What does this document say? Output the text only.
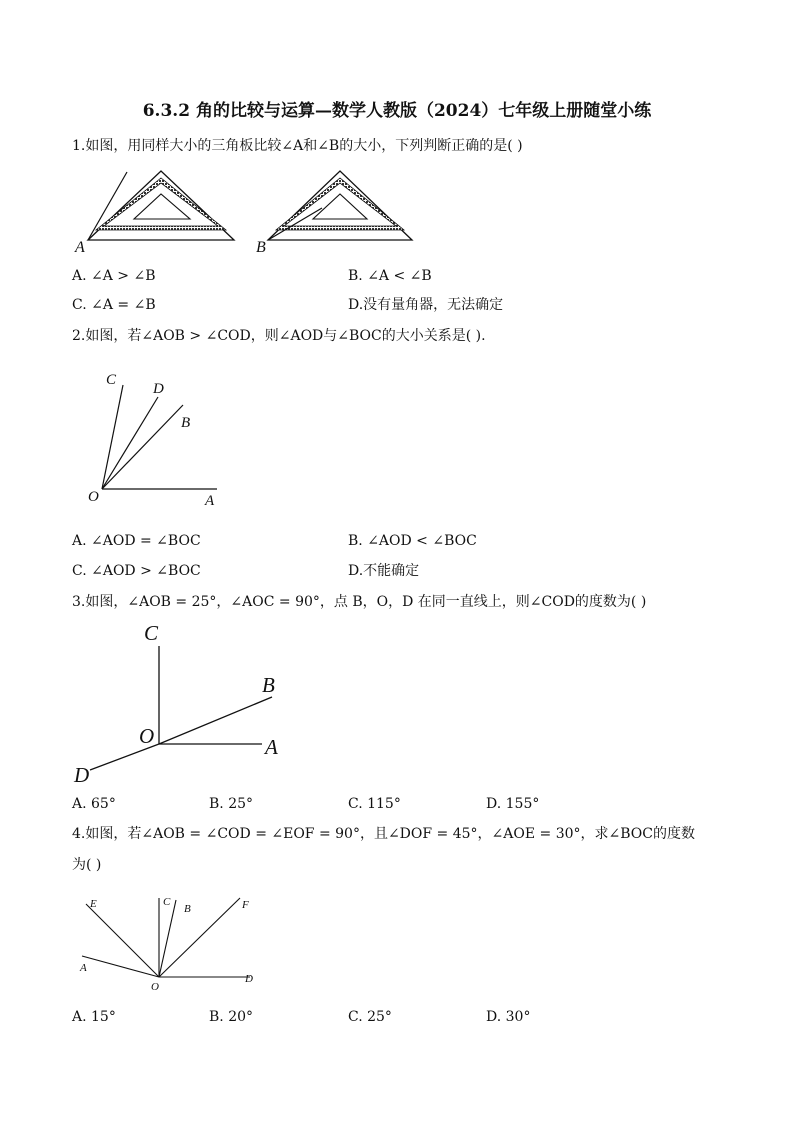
6.3.2 角的比较与运算—数学人教版（2024）七年级上册随堂小练
1.如图，用同样大小的三角板比较∠A和∠B的大小，下列判断正确的是( )
A	B
A. ∠A > ∠B	B. ∠A < ∠B
C. ∠A = ∠B	D.没有量角器，无法确定
2.如图，若∠AOB > ∠COD，则∠AOD与∠BOC的大小关系是( ).
C
D
B
O	A
A. ∠AOD = ∠BOC	B. ∠AOD < ∠BOC
C. ∠AOD > ∠BOC	D.不能确定
3.如图，∠AOB = 25°，∠AOC = 90°，点 B，O，D 在同一直线上，则∠COD的度数为( )
C
B
O	A
D
A. 65°	B. 25°	C. 115°	D. 155°
4.如图，若∠AOB = ∠COD = ∠EOF = 90°，且∠DOF = 45°，∠AOE = 30°，求∠BOC的度数
为( )
E	C
B	F
A
O
D
A. 15°	B. 20°	C. 25°	D. 30°
